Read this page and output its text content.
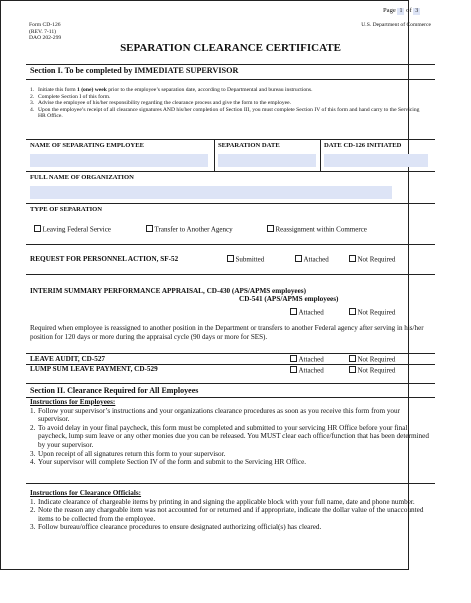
Page 1 of 3
Form CD-126
(REV. 7-11)
DAO 202-299
U.S. Department of Commerce
SEPARATION CLEARANCE CERTIFICATE
Section I. To be completed by IMMEDIATE SUPERVISOR
1. Initiate this form 1 (one) week prior to the employee’s separation date, according to Departmental and bureau instructions.
2. Complete Section I of this form.
3. Advise the employee of his/her responsibility regarding the clearance process and give the form to the employee.
4. Upon the employee’s receipt of all clearance signatures AND his/her completion of Section III, you must complete Section IV of this form and hand carry to the Servicing HR Office.
NAME OF SEPARATING EMPLOYEE	SEPARATION DATE	DATE CD-126 INITIATED
FULL NAME OF ORGANIZATION
TYPE OF SEPARATION
Leaving Federal Service	Transfer to Another Agency	Reassignment within Commerce
REQUEST FOR PERSONNEL ACTION, SF-52	Submitted	Attached	Not Required
INTERIM SUMMARY PERFORMANCE APPRAISAL, CD-430 (APS/APMS employees)
CD-541 (APS/APMS employees)
Attached	Not Required
Required when employee is reassigned to another position in the Department or transfers to another Federal agency after serving in his/her position for 120 days or more during the appraisal cycle (90 days or more for SES).
LEAVE AUDIT, CD-527	Attached	Not Required
LUMP SUM LEAVE PAYMENT, CD-529	Attached	Not Required
Section II. Clearance Required for All Employees
Instructions for Employees:
1. Follow your supervisor’s instructions and your organizations clearance procedures as soon as you receive this form from your supervisor.
2. To avoid delay in your final paycheck, this form must be completed and submitted to your servicing HR Office before your final paycheck, lump sum leave or any other monies due you can be released. You MUST clear each office/function that has been determined by your supervisor.
3. Upon receipt of all signatures return this form to your supervisor.
4. Your supervisor will complete Section IV of the form and submit to the Servicing HR Office.
Instructions for Clearance Officials:
1. Indicate clearance of chargeable items by printing in and signing the applicable block with your full name, date and phone number.
2. Note the reason any chargeable item was not accounted for or returned and if appropriate, indicate the dollar value of the unaccounted items to be collected from the employee.
3. Follow bureau/office clearance procedures to ensure designated authorizing official(s) has cleared.
